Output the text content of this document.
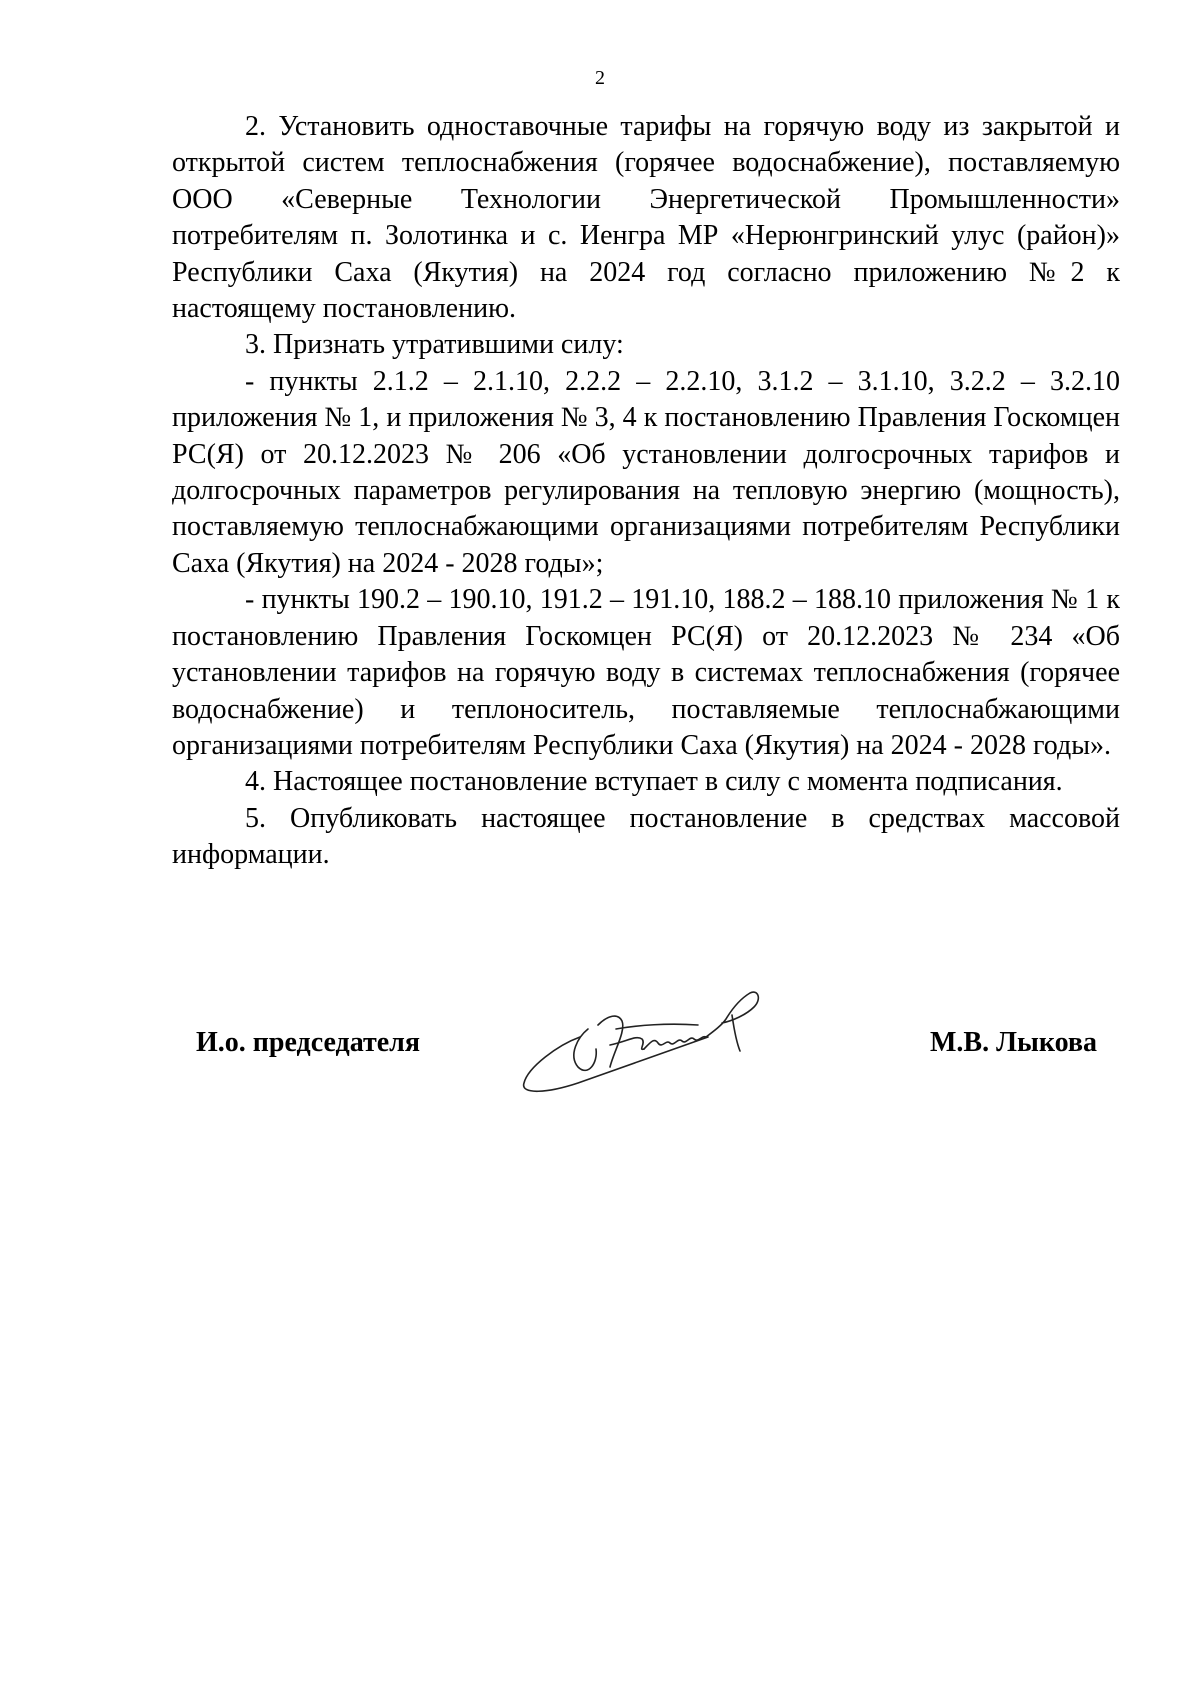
2

2. Установить одноставочные тарифы на горячую воду из закрытой и открытой систем теплоснабжения (горячее водоснабжение), поставляемую ООО «Северные Технологии Энергетической Промышленности» потребителям п. Золотинка и с. Иенгра МР «Нерюнгринский улус (район)» Республики Саха (Якутия) на 2024 год согласно приложению №2 к настоящему постановлению.

3. Признать утратившими силу:

- пункты 2.1.2 – 2.1.10, 2.2.2 – 2.2.10, 3.1.2 – 3.1.10, 3.2.2 – 3.2.10 приложения № 1, и приложения № 3, 4 к постановлению Правления Госкомцен РС(Я) от 20.12.2023 № 206 «Об установлении долгосрочных тарифов и долгосрочных параметров регулирования на тепловую энергию (мощность), поставляемую теплоснабжающими организациями потребителям Республики Саха (Якутия) на 2024 - 2028 годы»;

- пункты 190.2 – 190.10, 191.2 – 191.10, 188.2 – 188.10 приложения № 1 к постановлению Правления Госкомцен РС(Я) от 20.12.2023 № 234 «Об установлении тарифов на горячую воду в системах теплоснабжения (горячее водоснабжение) и теплоноситель, поставляемые теплоснабжающими организациями потребителям Республики Саха (Якутия) на 2024 - 2028 годы».

4. Настоящее постановление вступает в силу с момента подписания.

5. Опубликовать настоящее постановление в средствах массовой информации.

И.о. председателя	М.В. Лыкова
